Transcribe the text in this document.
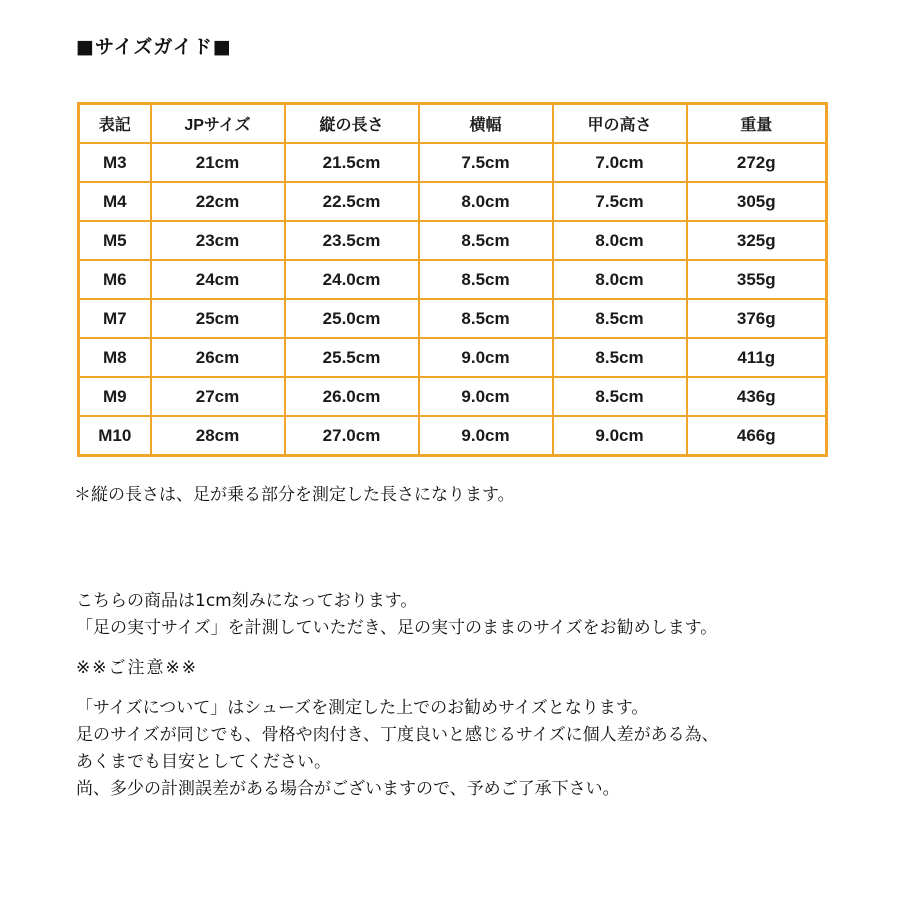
■サイズガイド■
表記	JPサイズ	縦の長さ	横幅	甲の高さ	重量
M3	21cm	21.5cm	7.5cm	7.0cm	272g
M4	22cm	22.5cm	8.0cm	7.5cm	305g
M5	23cm	23.5cm	8.5cm	8.0cm	325g
M6	24cm	24.0cm	8.5cm	8.0cm	355g
M7	25cm	25.0cm	8.5cm	8.5cm	376g
M8	26cm	25.5cm	9.0cm	8.5cm	411g
M9	27cm	26.0cm	9.0cm	8.5cm	436g
M10	28cm	27.0cm	9.0cm	9.0cm	466g
＊縦の長さは、足が乗る部分を測定した長さになります。
こちらの商品は1cm刻みになっております。
「足の実寸サイズ」を計測していただき、足の実寸のままのサイズをお勧めします。
※※ご注意※※
「サイズについて」はシューズを測定した上でのお勧めサイズとなります。
足のサイズが同じでも、骨格や肉付き、丁度良いと感じるサイズに個人差がある為、
あくまでも目安としてください。
尚、多少の計測誤差がある場合がございますので、予めご了承下さい。
